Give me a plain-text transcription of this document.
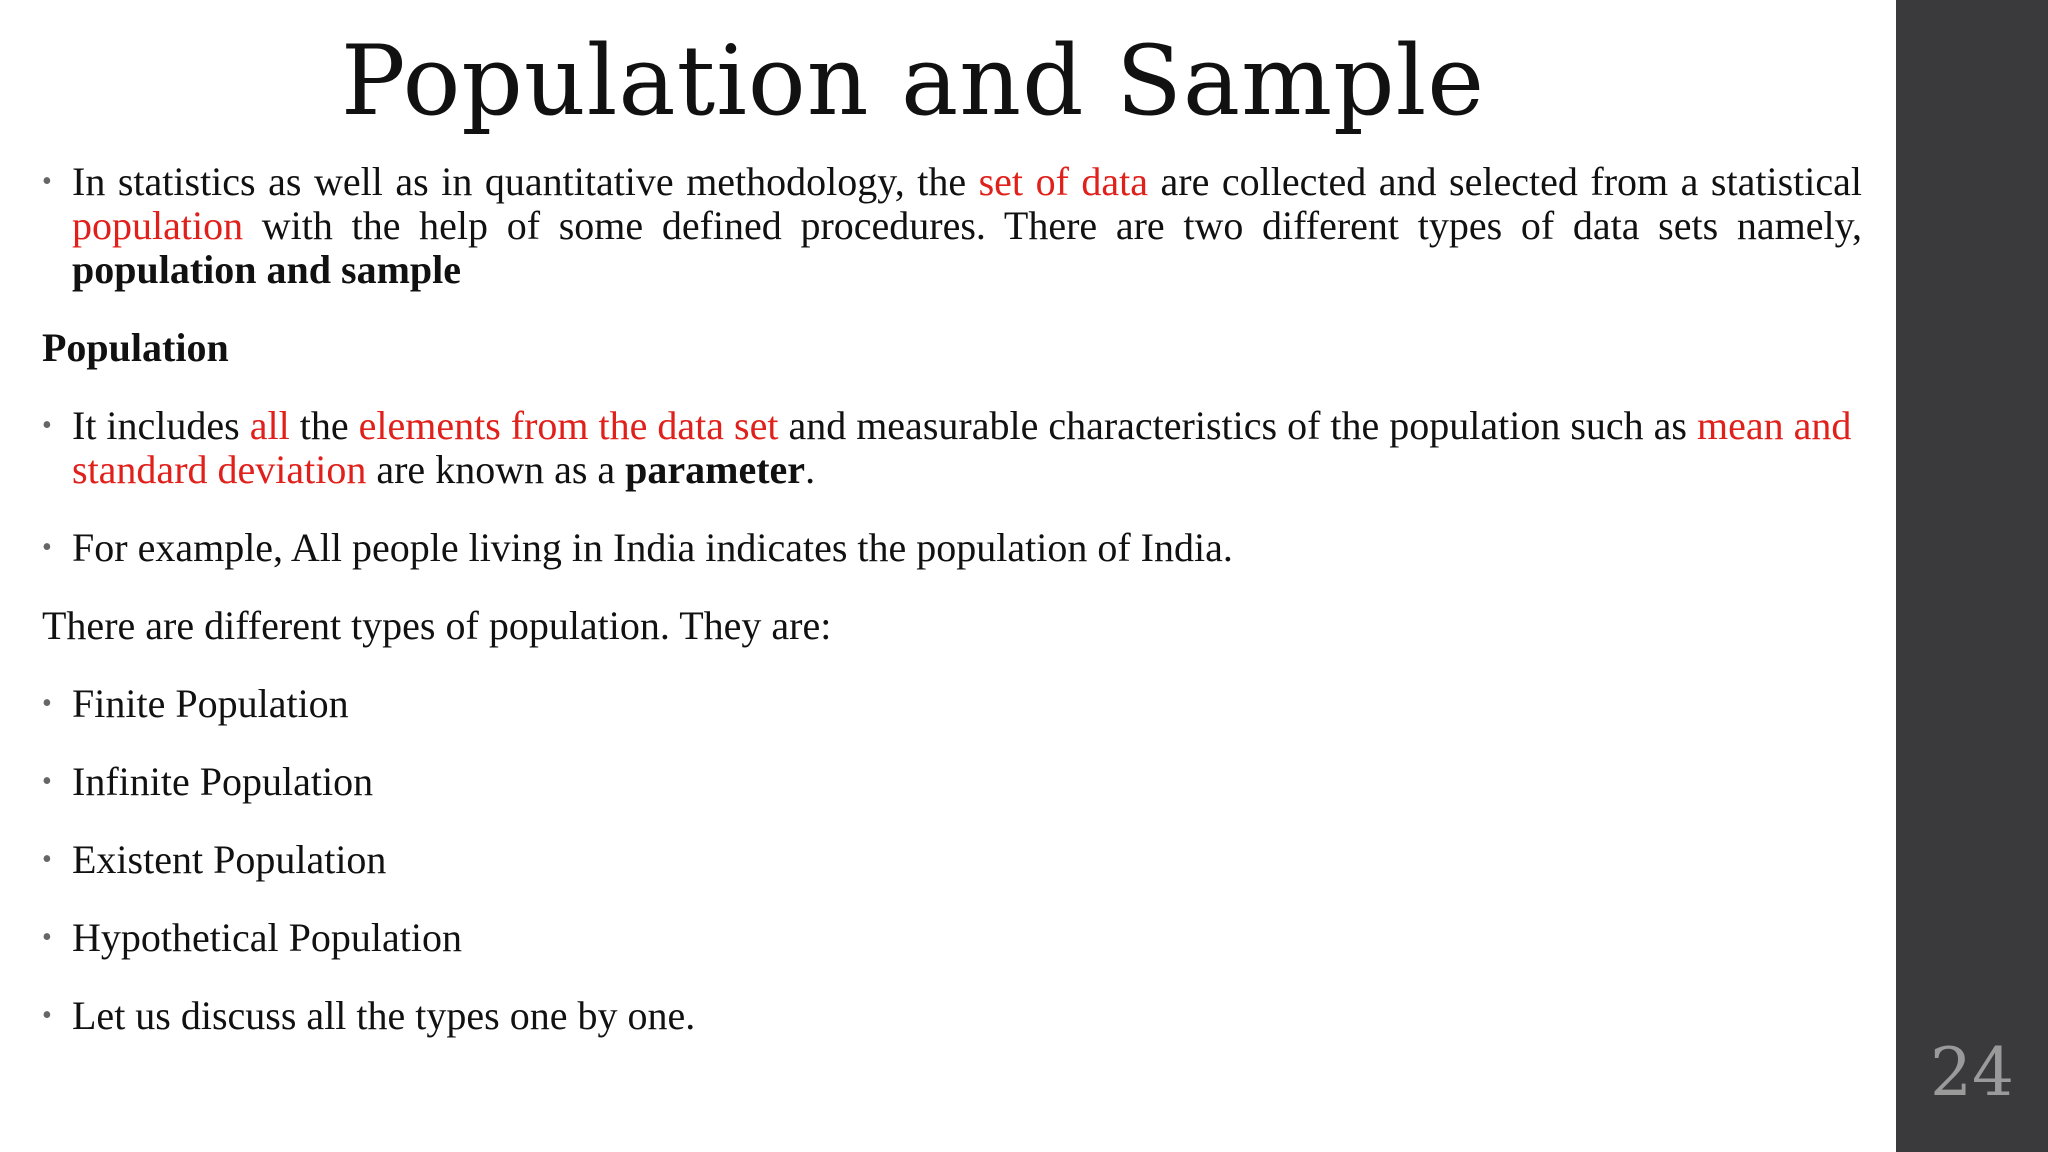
Population and Sample
• In statistics as well as in quantitative methodology, the set of data are collected and selected from a statistical population with the help of some defined procedures. There are two different types of data sets namely, population and sample
Population
• It includes all the elements from the data set and measurable characteristics of the population such as mean and standard deviation are known as a parameter.
• For example, All people living in India indicates the population of India.
There are different types of population. They are:
• Finite Population
• Infinite Population
• Existent Population
• Hypothetical Population
• Let us discuss all the types one by one.
24
